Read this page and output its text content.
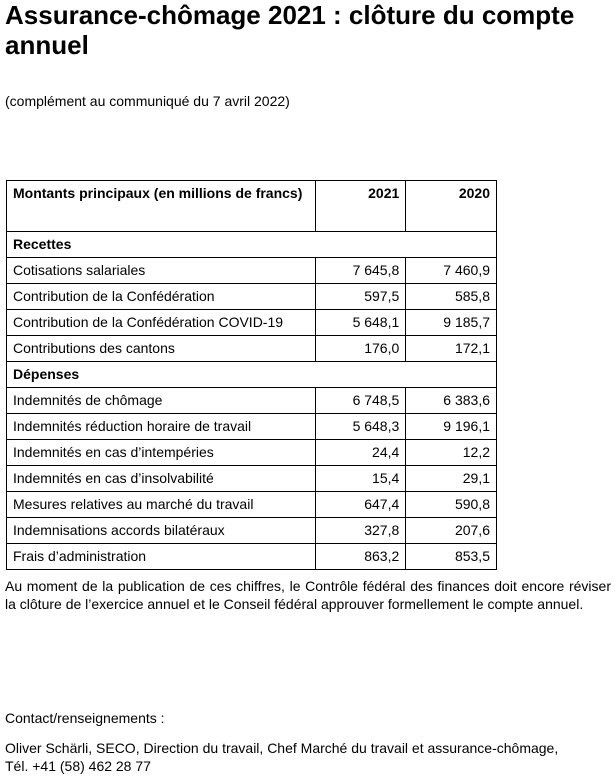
Assurance-chômage 2021 : clôture du compte annuel
(complément au communiqué du 7 avril 2022)
Montants principaux (en millions de francs)	2021	2020
Recettes		
Cotisations salariales	7 645,8	7 460,9
Contribution de la Confédération	597,5	585,8
Contribution de la Confédération COVID-19	5 648,1	9 185,7
Contributions des cantons	176,0	172,1
Dépenses		
Indemnités de chômage	6 748,5	6 383,6
Indemnités réduction horaire de travail	5 648,3	9 196,1
Indemnités en cas d’intempéries	24,4	12,2
Indemnités en cas d’insolvabilité	15,4	29,1
Mesures relatives au marché du travail	647,4	590,8
Indemnisations accords bilatéraux	327,8	207,6
Frais d’administration	863,2	853,5

Au moment de la publication de ces chiffres, le Contrôle fédéral des finances doit encore réviser la clôture de l’exercice annuel et le Conseil fédéral approuver formellement le compte annuel.

Contact/renseignements :
Oliver Schärli, SECO, Direction du travail, Chef Marché du travail et assurance-chômage,
Tél. +41 (58) 462 28 77
